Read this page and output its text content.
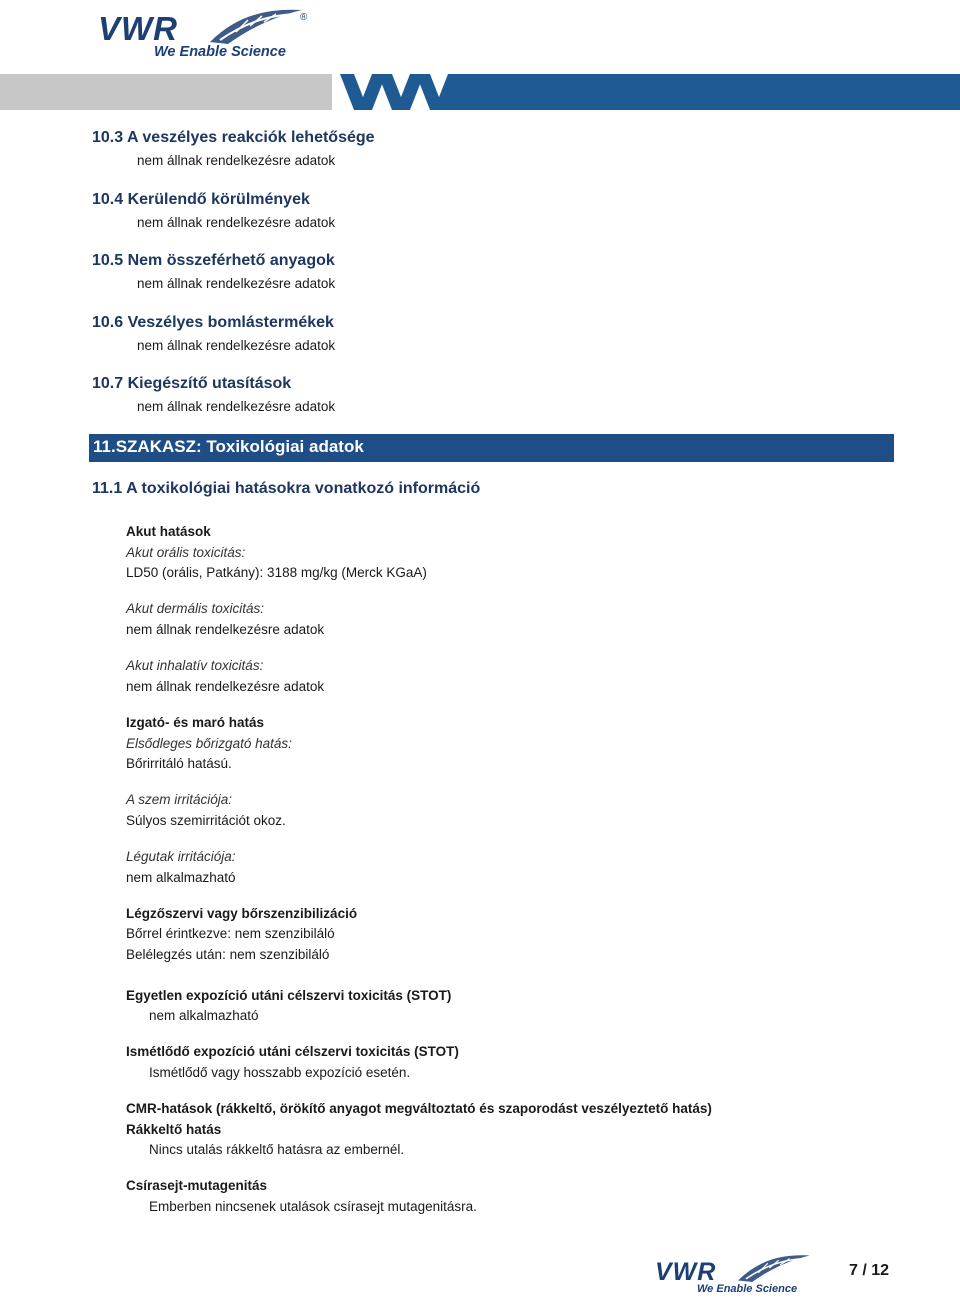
VWR	®
We Enable Science
10.3 A veszélyes reakciók lehetősége
nem állnak rendelkezésre adatok
10.4 Kerülendő körülmények
nem állnak rendelkezésre adatok
10.5 Nem összeférhető anyagok
nem állnak rendelkezésre adatok
10.6 Veszélyes bomlástermékek
nem állnak rendelkezésre adatok
10.7 Kiegészítő utasítások
nem állnak rendelkezésre adatok
11.SZAKASZ: Toxikológiai adatok
11.1 A toxikológiai hatásokra vonatkozó információ
Akut hatások
Akut orális toxicitás:
LD50 (orális, Patkány): 3188 mg/kg (Merck KGaA)
Akut dermális toxicitás:
nem állnak rendelkezésre adatok
Akut inhalatív toxicitás:
nem állnak rendelkezésre adatok
Izgató- és maró hatás
Elsődleges bőrizgató hatás:
Bőrirritáló hatású.
A szem irritációja:
Súlyos szemirritációt okoz.
Légutak irritációja:
nem alkalmazható
Légzőszervi vagy bőrszenzibilizáció
Bőrrel érintkezve: nem szenzibiláló
Belélegzés után: nem szenzibiláló
Egyetlen expozíció utáni célszervi toxicitás (STOT)
nem alkalmazható
Ismétlődő expozíció utáni célszervi toxicitás (STOT)
Ismétlődő vagy hosszabb expozíció esetén.
CMR-hatások (rákkeltő, örökítő anyagot megváltoztató és szaporodást veszélyeztető hatás)
Rákkeltő hatás
Nincs utalás rákkeltő hatásra az embernél.
Csírasejt-mutagenitás
Emberben nincsenek utalások csírasejt mutagenitásra.
VWR
We Enable Science
7 / 12
